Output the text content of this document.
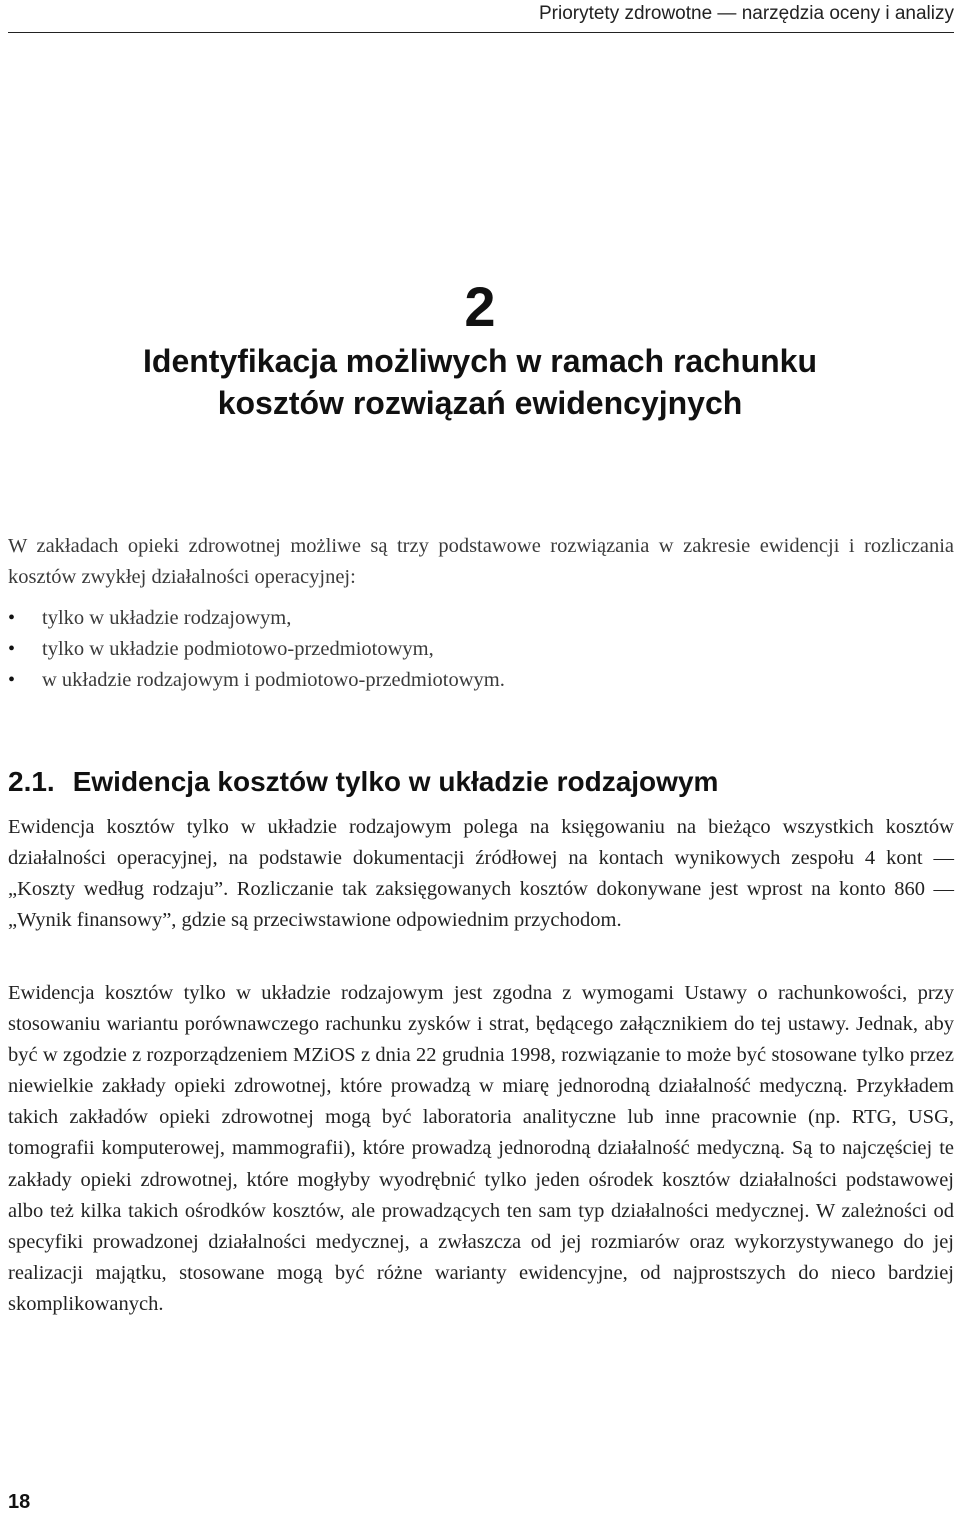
Priorytety zdrowotne — narzędzia oceny i analizy
2
Identyfikacja możliwych w ramach rachunku
kosztów rozwiązań ewidencyjnych

W zakładach opieki zdrowotnej możliwe są trzy podstawowe rozwiązania w zakresie ewidencji i rozliczania kosztów zwykłej działalności operacyjnej:

• tylko w układzie rodzajowym,
• tylko w układzie podmiotowo-przedmiotowym,
• w układzie rodzajowym i podmiotowo-przedmiotowym.
2.1. Ewidencja kosztów tylko w układzie rodzajowym

Ewidencja kosztów tylko w układzie rodzajowym polega na księgowaniu na bieżąco wszystkich kosztów działalności operacyjnej, na podstawie dokumentacji źródłowej na kontach wynikowych zespołu 4 kont — „Koszty według rodzaju”. Rozliczanie tak zaksięgowanych kosztów dokonywane jest wprost na konto 860 — „Wynik finansowy”, gdzie są przeciwstawione odpowiednim przychodom.

Ewidencja kosztów tylko w układzie rodzajowym jest zgodna z wymogami Ustawy o rachunkowości, przy stosowaniu wariantu porównawczego rachunku zysków i strat, będącego załącznikiem do tej ustawy. Jednak, aby być w zgodzie z rozporządzeniem MZiOS z dnia 22 grudnia 1998, rozwiązanie to może być stosowane tylko przez niewielkie zakłady opieki zdrowotnej, które prowadzą w miarę jednorodną działalność medyczną. Przykładem takich zakładów opieki zdrowotnej mogą być laboratoria analityczne lub inne pracownie (np. RTG, USG, tomografii komputerowej, mammografii), które prowadzą jednorodną działalność medyczną. Są to najczęściej te zakłady opieki zdrowotnej, które mogłyby wyodrębnić tylko jeden ośrodek kosztów działalności podstawowej albo też kilka takich ośrodków kosztów, ale prowadzących ten sam typ działalności medycznej. W zależności od specyfiki prowadzonej działalności medycznej, a zwłaszcza od jej rozmiarów oraz wykorzystywanego do jej realizacji majątku, stosowane mogą być różne warianty ewidencyjne, od najprostszych do nieco bardziej skomplikowanych.

18
